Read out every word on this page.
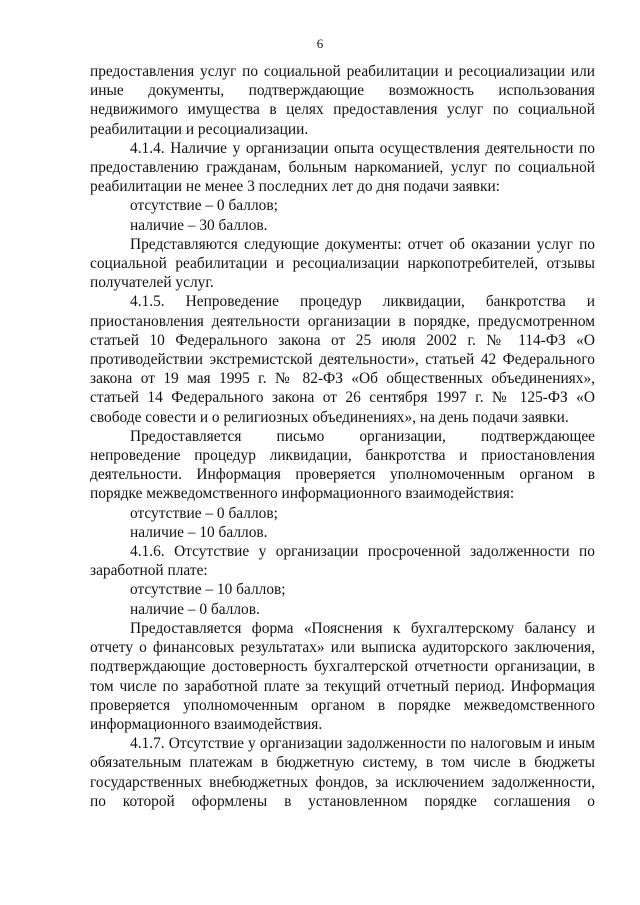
6

предоставления услуг по социальной реабилитации и ресоциализации или иные документы, подтверждающие возможность использования недвижимого имущества в целях предоставления услуг по социальной реабилитации и ресоциализации.

4.1.4. Наличие у организации опыта осуществления деятельности по предоставлению гражданам, больным наркоманией, услуг по социальной реабилитации не менее 3 последних лет до дня подачи заявки:

отсутствие – 0 баллов;

наличие – 30 баллов.

Представляются следующие документы: отчет об оказании услуг по социальной реабилитации и ресоциализации наркопотребителей, отзывы получателей услуг.

4.1.5. Непроведение процедур ликвидации, банкротства и приостановления деятельности организации в порядке, предусмотренном статьей 10 Федерального закона от 25 июля 2002 г. № 114-ФЗ «О противодействии экстремистской деятельности», статьей 42 Федерального закона от 19 мая 1995 г. № 82-ФЗ «Об общественных объединениях», статьей 14 Федерального закона от 26 сентября 1997 г. № 125-ФЗ «О свободе совести и о религиозных объединениях», на день подачи заявки.

Предоставляется письмо организации, подтверждающее непроведение процедур ликвидации, банкротства и приостановления деятельности. Информация проверяется уполномоченным органом в порядке межведомственного информационного взаимодействия:

отсутствие – 0 баллов;

наличие – 10 баллов.

4.1.6. Отсутствие у организации просроченной задолженности по заработной плате:

отсутствие – 10 баллов;

наличие – 0 баллов.

Предоставляется форма «Пояснения к бухгалтерскому балансу и отчету о финансовых результатах» или выписка аудиторского заключения, подтверждающие достоверность бухгалтерской отчетности организации, в том числе по заработной плате за текущий отчетный период. Информация проверяется уполномоченным органом в порядке межведомственного информационного взаимодействия.

4.1.7. Отсутствие у организации задолженности по налоговым и иным обязательным платежам в бюджетную систему, в том числе в бюджеты государственных внебюджетных фондов, за исключением задолженности, по которой оформлены в установленном порядке соглашения о
